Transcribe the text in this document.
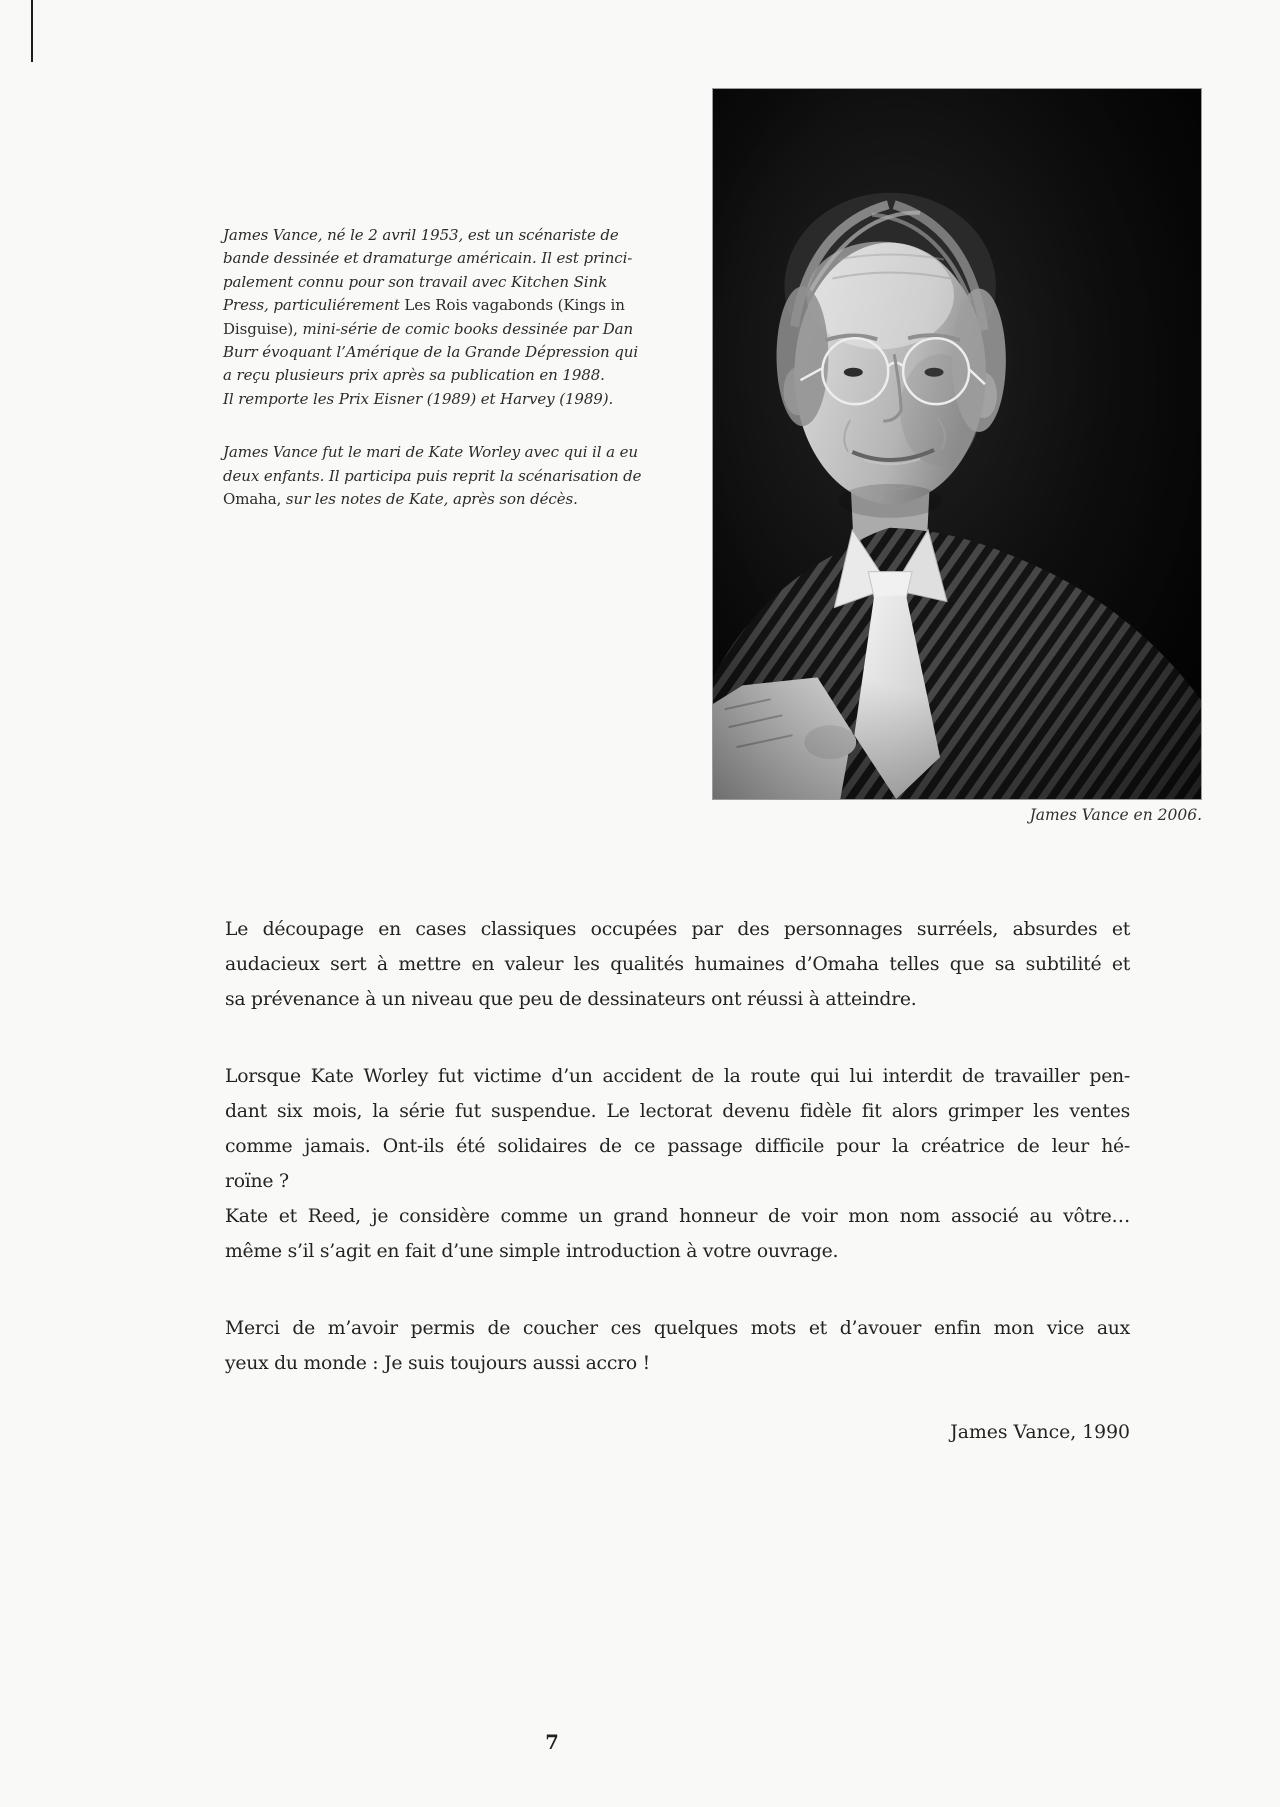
James Vance, né le 2 avril 1953, est un scénariste de
bande dessinée et dramaturge américain. Il est princi-
palement connu pour son travail avec Kitchen Sink
Press, particuliérement Les Rois vagabonds (Kings in
Disguise), mini-série de comic books dessinée par Dan
Burr évoquant l’Amérique de la Grande Dépression qui
a reçu plusieurs prix après sa publication en 1988.
Il remporte les Prix Eisner (1989) et Harvey (1989).
James Vance fut le mari de Kate Worley avec qui il a eu
deux enfants. Il participa puis reprit la scénarisation de
Omaha, sur les notes de Kate, après son décès.
James Vance en 2006.
Le découpage en cases classiques occupées par des personnages surréels, absurdes et
audacieux sert à mettre en valeur les qualités humaines d’Omaha telles que sa subtilité et
sa prévenance à un niveau que peu de dessinateurs ont réussi à atteindre.
Lorsque Kate Worley fut victime d’un accident de la route qui lui interdit de travailler pen-
dant six mois, la série fut suspendue. Le lectorat devenu fidèle fit alors grimper les ventes
comme jamais. Ont-ils été solidaires de ce passage difficile pour la créatrice de leur hé-
roïne ?
Kate et Reed, je considère comme un grand honneur de voir mon nom associé au vôtre…
même s’il s’agit en fait d’une simple introduction à votre ouvrage.
Merci de m’avoir permis de coucher ces quelques mots et d’avouer enfin mon vice aux
yeux du monde : Je suis toujours aussi accro !
James Vance, 1990
7
